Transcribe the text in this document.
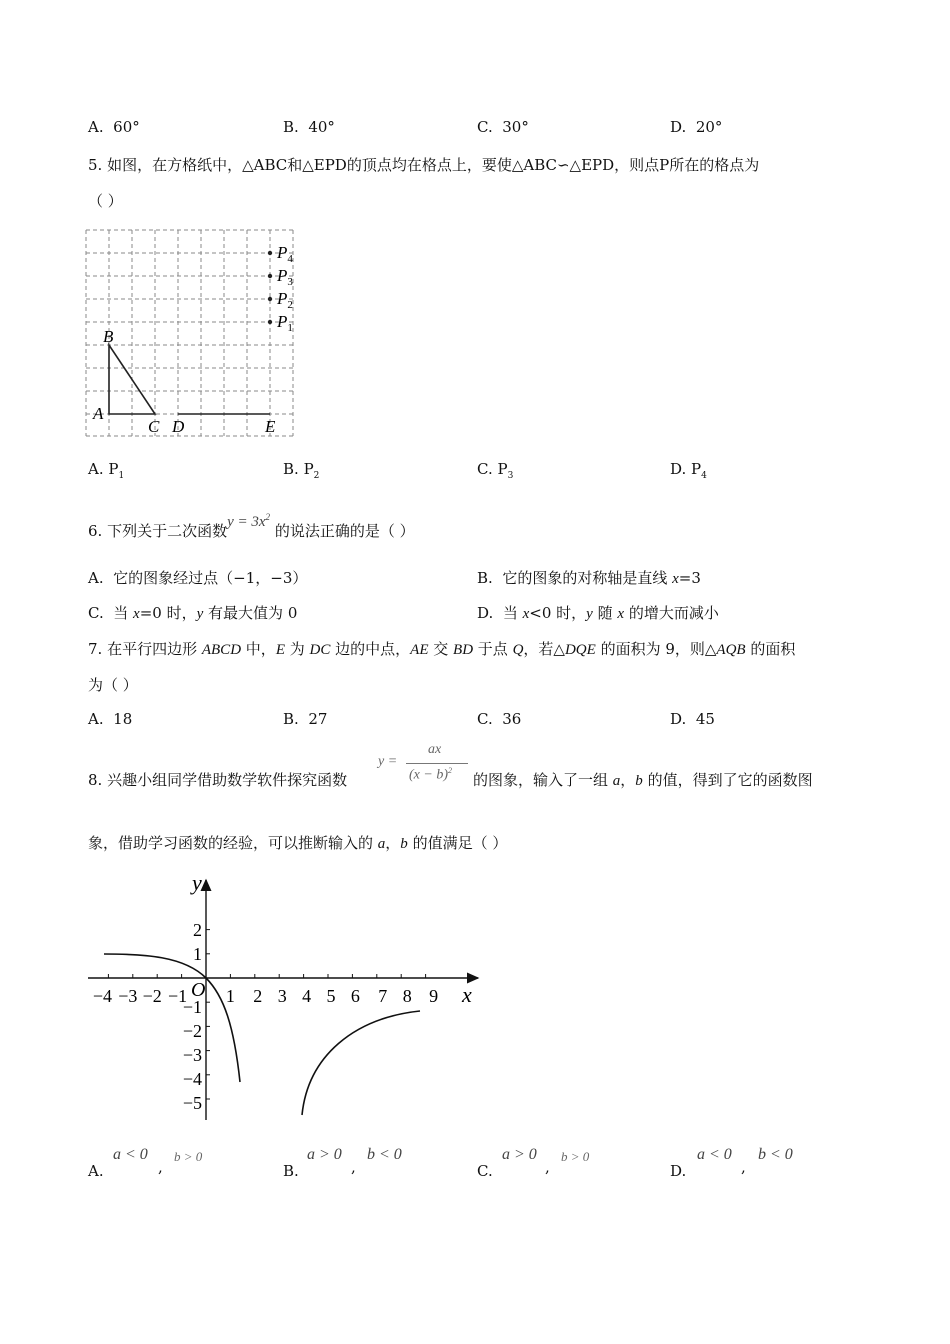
A. 60°	B. 40°	C. 30°	D. 20°
5. 如图，在方格纸中，△ABC和△EPD的顶点均在格点上，要使△ABC∽△EPD，则点P所在的格点为
（ ）
B
A
C D	E
$P_4$
$P_3$
$P_2$
$P_1$
A. $P_1$	B. $P_2$	C. $P_3$	D. $P_4$
6. 下列关于二次函数$y = 3x^2$ 的说法正确的是（ ）
A. 它的图象经过点（−1，−3）	B. 它的图象的对称轴是直线 x=3
C. 当 x=0 时，y 有最大值为 0	D. 当 x<0 时，y 随 x 的增大而减小
7. 在平行四边形 ABCD 中，E 为 DC 边的中点，AE 交 BD 于点 Q，若△DQE 的面积为 9，则△AQB 的面积
为（ ）
A. 18	B. 27	C. 36	D. 45
8. 兴趣小组同学借助数学软件探究函数
y =
ax
$(x - b)^2$
的图象，输入了一组 a，b 的值，得到了它的函数图
象，借助学习函数的经验，可以推断输入的 a，b 的值满足（ ）
−4 −3 −2 −1 1 2 3 4 5 6 7 8 9
2
1
−1
−2
−3
−4
−5
O	x
y
A.
a < 0
,
b > 0
B.
a > 0
,
b < 0
C.
a > 0
,
b > 0
D.
a < 0
,
b < 0
